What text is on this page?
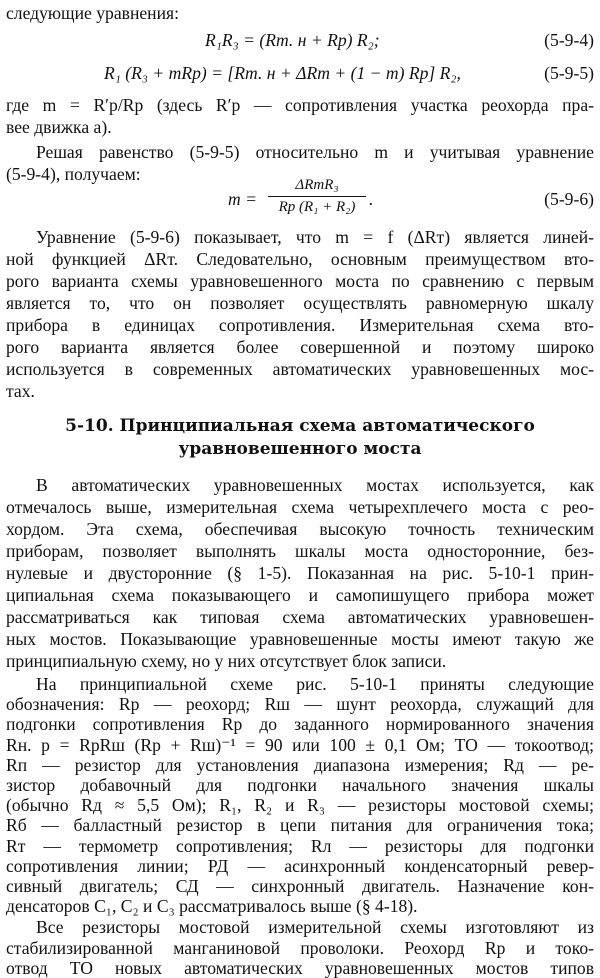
следующие уравнения:
R₁R₃ = (Rт. н + Rр) R₂;	(5-9-4)
R₁ (R₃ + mRр) = [Rт. н + ΔRт + (1 − m) Rр] R₂,	(5-9-5)
где m = R′р/Rр (здесь R′р — сопротивления участка реохорда пра-
вее движка а).
Решая равенство (5-9-5) относительно m и учитывая уравнение
(5-9-4), получаем:
m =
ΔRтR₃
Rр (R₁ + R₂) .	(5-9-6)
Уравнение (5-9-6) показывает, что m = f (ΔRт) является линей-
ной функцией ΔRт. Следовательно, основным преимуществом вто-
рого варианта схемы уравновешенного моста по сравнению с первым
является то, что он позволяет осуществлять равномерную шкалу
прибора в единицах сопротивления. Измерительная схема вто-
рого варианта является более совершенной и поэтому широко
используется в современных автоматических уравновешенных мос-
тах.
5-10. Принципиальная схема автоматического
уравновешенного моста
В автоматических уравновешенных мостах используется, как
отмечалось выше, измерительная схема четырехплечего моста с рео-
хордом. Эта схема, обеспечивая высокую точность техническим
приборам, позволяет выполнять шкалы моста односторонние, без-
нулевые и двусторонние (§ 1-5). Показанная на рис. 5-10-1 прин-
ципиальная схема показывающего и самопишущего прибора может
рассматриваться как типовая схема автоматических уравновешен-
ных мостов. Показывающие уравновешенные мосты имеют такую же
принципиальную схему, но у них отсутствует блок записи.
На принципиальной схеме рис. 5-10-1 приняты следующие
обозначения: Rр — реохорд; Rш — шунт реохорда, служащий для
подгонки сопротивления Rр до заданного нормированного значения
Rн. р = RрRш (Rр + Rш)⁻¹ = 90 или 100 ± 0,1 Ом; ТО — токоотвод;
Rп — резистор для установления диапазона измерения; Rд — ре-
зистор добавочный для подгонки начального значения шкалы
(обычно Rд ≈ 5,5 Ом); R₁, R₂ и R₃ — резисторы мостовой схемы;
Rб — балластный резистор в цепи питания для ограничения тока;
Rт — термометр сопротивления; Rл — резисторы для подгонки
сопротивления линии; РД — асинхронный конденсаторный ревер-
сивный двигатель; СД — синхронный двигатель. Назначение кон-
денсаторов C₁, C₂ и C₃ рассматривалось выше (§ 4-18).
Все резисторы мостовой измерительной схемы изготовляют из
стабилизированной манганиновой проволоки. Реохорд Rр и токо-
отвод ТО новых автоматических уравновешенных мостов типов
